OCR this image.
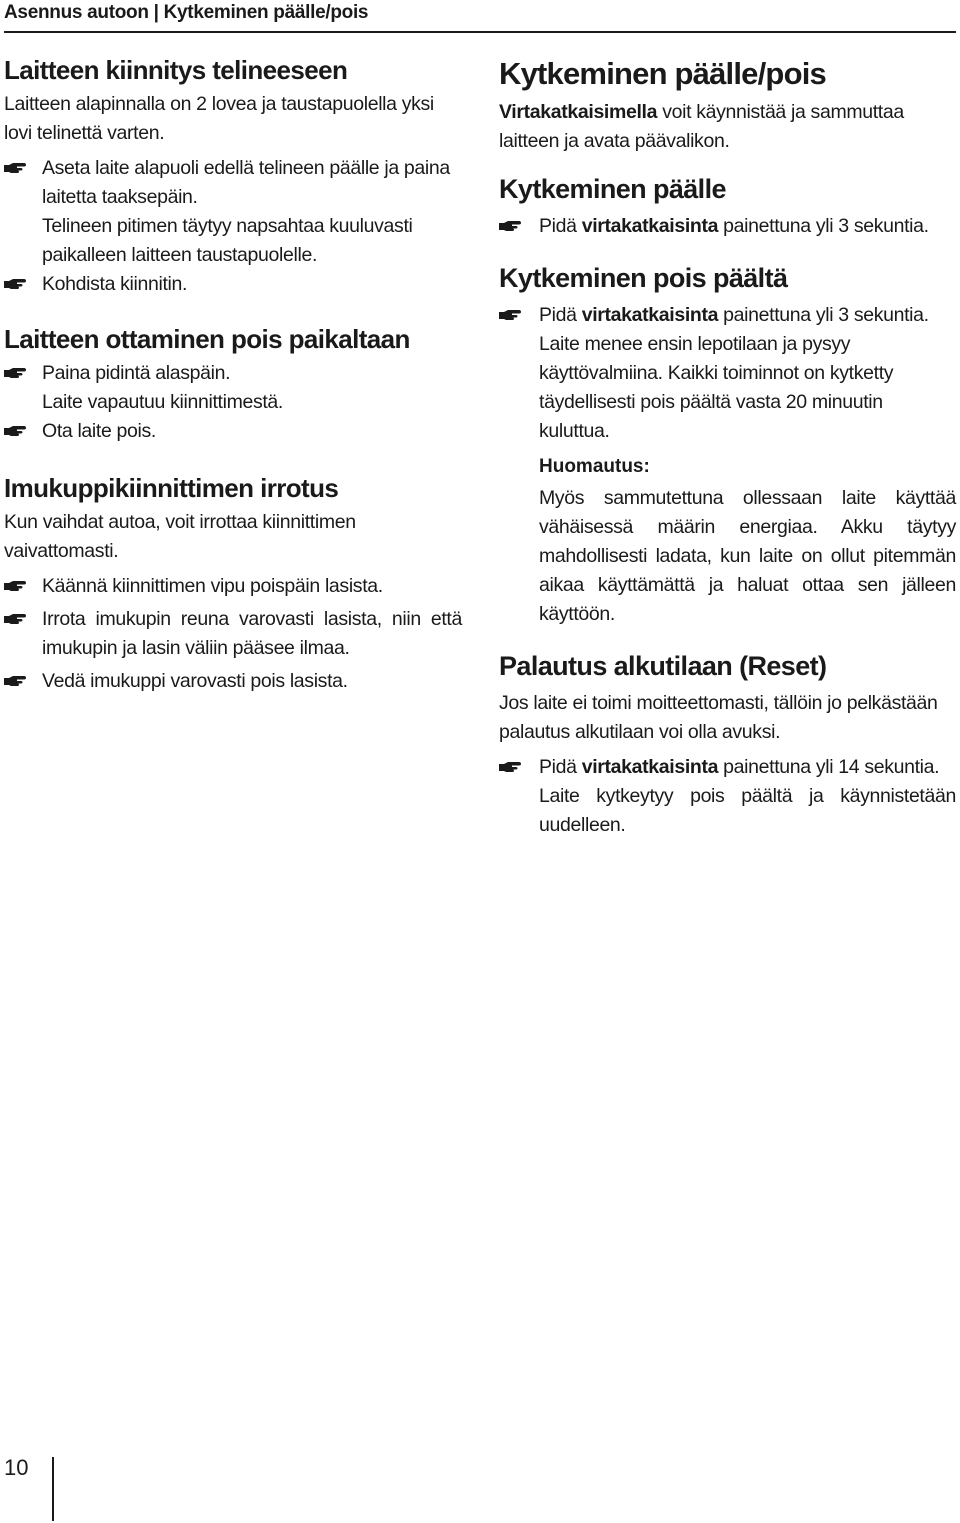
Asennus autoon | Kytkeminen päälle/pois
Laitteen kiinnitys telineeseen

Laitteen alapinnalla on 2 lovea ja taustapuolella yksi lovi telinettä varten.

Aseta laite alapuoli edellä telineen päälle ja paina laitetta taaksepäin.

Telineen pitimen täytyy napsahtaa kuuluvasti paikalleen laitteen taustapuolelle.

Kohdista kiinnitin.
Laitteen ottaminen pois paikaltaan
Paina pidintä alaspäin.

Laite vapautuu kiinnittimestä.

Ota laite pois.
Imukuppikiinnittimen irrotus

Kun vaihdat autoa, voit irrottaa kiinnittimen vaivattomasti.

Käännä kiinnittimen vipu poispäin lasista.
Irrota imukupin reuna varovasti lasista, niin että imukupin ja lasin väliin pääsee ilmaa.
Vedä imukuppi varovasti pois lasista.
Kytkeminen päälle/pois

Virtakatkaisimella voit käynnistää ja sammuttaa laitteen ja avata päävalikon.

Kytkeminen päälle
Pidä virtakatkaisinta painettuna yli 3 sekuntia.
Kytkeminen pois päältä
Pidä virtakatkaisinta painettuna yli 3 sekuntia.

Laite menee ensin lepotilaan ja pysyy käyttövalmiina. Kaikki toiminnot on kytketty täydellisesti pois päältä vasta 20 minuutin kuluttua.

Huomautus:

Myös sammutettuna ollessaan laite käyttää vähäisessä määrin energiaa. Akku täytyy mahdollisesti ladata, kun laite on ollut pitemmän aikaa käyttämättä ja haluat ottaa sen jälleen käyttöön.

Palautus alkutilaan (Reset)

Jos laite ei toimi moitteettomasti, tällöin jo pelkästään palautus alkutilaan voi olla avuksi.

Pidä virtakatkaisinta painettuna yli 14 sekuntia.

Laite kytkeytyy pois päältä ja käynnistetään uudelleen.

10
